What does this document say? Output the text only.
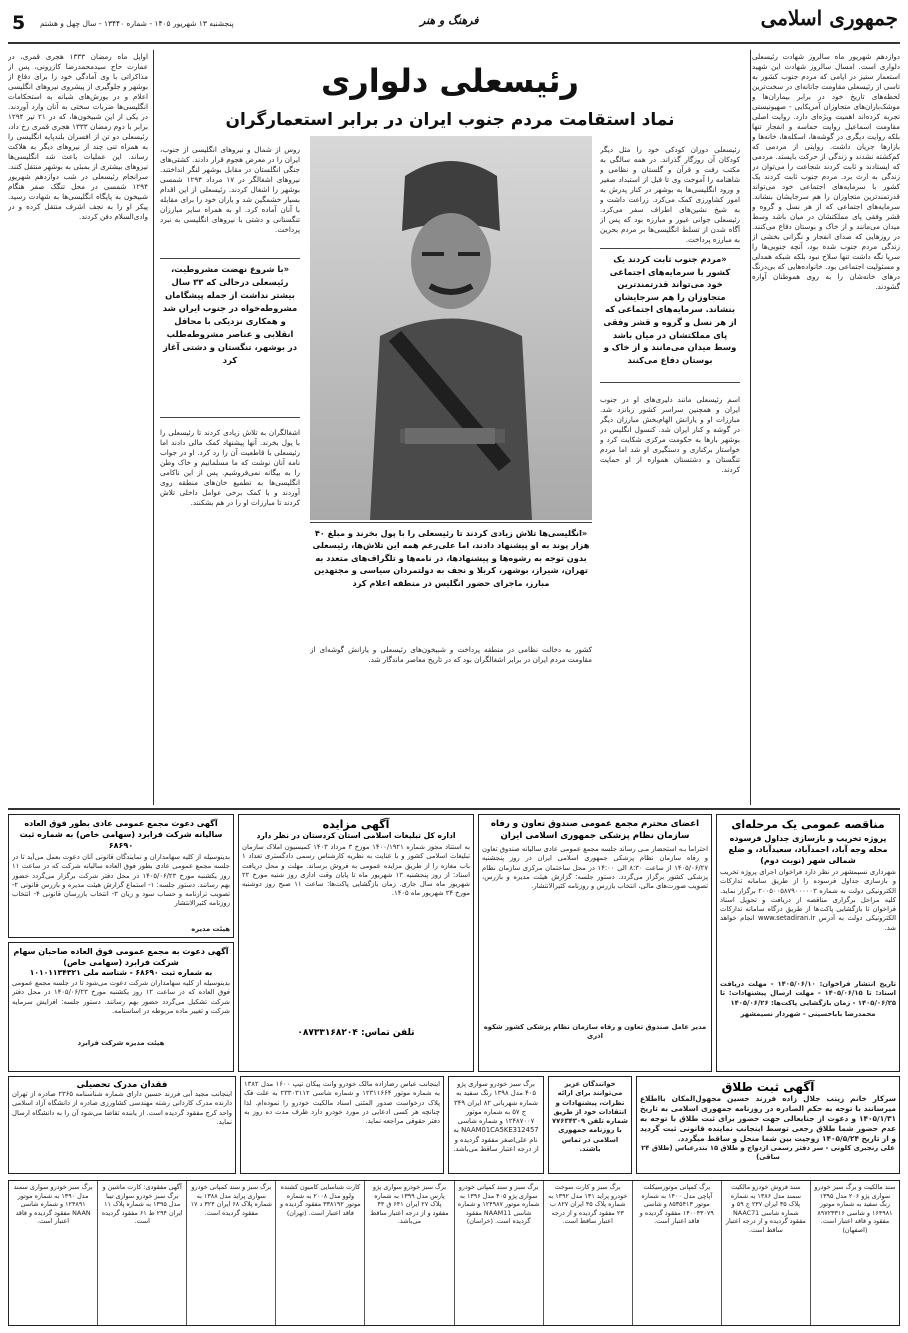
5 پنجشنبه ۱۳ شهریور ۱۴۰۵ - شماره ۱۳۴۴۰ - سال چهل و هشتم	فرهنگ و هنر	جمهوری اسلامی
دوازدهم شهریور ماه سالروز شهادت رئیسعلی دلواری است. امسال سالروز شهادت این شهید استعمار ستیز در ایامی که مردم جنوب کشور به تاسی از رئیسعلی مقاومت جانانه‌ای در سخت‌ترین لحظه‌های تاریخ خود در برابر بیماران‌ها و موشک‌باران‌های متجاوزان آمریکایی - صهیونیستی تجربه کرده‌اند اهمیت ویژه‌ای دارد. روایت اصلی مقاومت اسماعیل روایت حماسه و انفجار تنها بلکه روایت دیگری در گوشه‌ها، اسکله‌ها، خانه‌ها و بازارها جریان داشت. روایتی از مردمی که کم‌کشته نشدند و زندگی از حرکت بایستد. مردمی که ایستادند و ثابت کردند شجاعت را می‌توان در زندگی به ارث برد. مردم جنوب ثابت کردند یک کشور با سرمایه‌های اجتماعی خود می‌تواند قدرتمندترین متجاوزان را هم سرجایشان بنشاند. سرمایه‌های اجتماعی که از هر نسل و گروه و قشر وفقی پای مملکتشان در میان باشد وسط میدان می‌مانند و از خاک و بوستان دفاع می‌کنند. در روزهایی که صدای انفجار و نگرانی بخشی از زندگی مردم جنوب شده بود، آنچه جنوبی‌ها را سرپا نگه داشت تنها سلاح نبود بلکه شبکه همدلی و مسئولیت اجتماعی بود. خانواده‌هایی که بی‌درنگ درهای خانه‌شان را به روی هموطنان آواره گشودند.
رئیسعلی دلواری
نماد استقامت مردم جنوب ایران در برابر استعمارگران
رئیسعلی دوران کودکی خود را مثل دیگر کودکان آن روزگار گذراند. در همه سالگی به مکتب رفت و قرآن و گلستان و نظامی و شاهنامه را آموخت وی تا قبل از استبداد صغیر و ورود انگلیسی‌ها به بوشهر در کنار پدرش به امور کشاورزی کمک می‌کرد. زراعت داشت و به شیخ نشین‌های اطراف سفر می‌کرد. رئیسعلی جوانی غیور و مبارزه بود که پس از آگاه شدن از تسلط انگلیسی‌ها بر مردم بحرین به مبارزه پرداخت.
«مردم جنوب ثابت کردند یک کشور با سرمایه‌های اجتماعی خود می‌تواند قدرتمندترین متجاوزان را هم سرجایشان بنشاند. سرمایه‌های اجتماعی که از هر نسل و گروه و قشر وفقی پای مملکتشان در میان باشد وسط میدان می‌مانند و از خاک و بوستان دفاع می‌کنند
اسم رئیسعلی مانند دلیری‌های او در جنوب ایران و همچنین سراسر کشور زبانزد شد. مبارزات او و یارانش الهام‌بخش مبارزان دیگر در گوشه و کنار ایران شد. کنسول انگلیس در بوشهر بارها به حکومت مرکزی شکایت کرد و خواستار برکناری و دستگیری او شد اما مردم تنگستان و دشتستان همواره از او حمایت کردند.
«انگلیسی‌ها تلاش زیادی کردند تا رئیسعلی را با پول بخرند و مبلغ ۴۰ هزار پوند به او پیشنهاد دادند، اما علی‌رغم همه این تلاش‌ها، رئیسعلی بدون توجه به رشوه‌ها و پیشنهادها، در نامه‌ها و تلگراف‌های متعدد به تهران، شیراز، بوشهر، کربلا و نجف به دولتمردان سیاسی و مجتهدین مبارز، ماجرای حضور انگلیس در منطقه اعلام کرد
روس از شمال و نیروهای انگلیسی از جنوب، ایران را در معرض هجوم قرار دادند. کشتی‌های جنگی انگلستان در مقابل بوشهر لنگر انداختند. نیروهای اشغالگر در ۱۷ مرداد ۱۲۹۴ شمسی بوشهر را اشغال کردند. رئیسعلی از این اقدام بسیار خشمگین شد و یاران خود را برای مقابله با آنان آماده کرد. او به همراه سایر مبارزان تنگستانی و دشتی با نیروهای انگلیسی به نبرد پرداخت.
«با شروع نهضت مشروطیت، رئیسعلی درحالی که ۳۳ سال بیشتر نداشت از جمله پیشگامان مشروطه‌خواه در جنوب ایران شد و همکاری نزدیکی با محافل انقلابی و عناصر مشروطه‌طلب در بوشهر، تنگستان و دشتی آغاز کرد
اشغالگران به تلاش زیادی کردند تا رئیسعلی را با پول بخرند. آنها پیشنهاد کمک مالی دادند اما رئیسعلی با قاطعیت آن را رد کرد. او در جواب نامه آنان نوشت که ما مسلمانیم و خاک وطن را به بیگانه نمی‌فروشیم. پس از این ناکامی انگلیسی‌ها به تطمیع خان‌های منطقه روی آوردند و با کمک برخی عوامل داخلی تلاش کردند تا مبارزات او را در هم بشکنند.
اوایل ماه رمضان ۱۳۳۳ هجری قمری، در عمارت حاج سیدمحمدرضا کازرونی، پس از مذاکراتی با وی آمادگی خود را برای دفاع از بوشهر و جلوگیری از پیشروی نیروهای انگلیسی اعلام و در یورش‌های شبانه به استحکامات انگلیسی‌ها ضربات سختی به آنان وارد آوردند. در یکی از این شبیخون‌ها، که در ۲۱ تیر ۱۲۹۴ برابر با دوم رمضان ۱۳۳۳ هجری قمری رخ داد، رئیسعلی دو تن از افسران بلندپایه انگلیسی را به همراه تنی چند از نیروهای دیگر به هلاکت رساند. این عملیات باعث شد انگلیسی‌ها نیروهای بیشتری از بمبئی به بوشهر منتقل کنند. سرانجام رئیسعلی در شب دوازدهم شهریور ۱۲۹۴ شمسی در محل تنگک صفر هنگام شبیخون به پایگاه انگلیسی‌ها به شهادت رسید. پیکر او را به نجف اشرف منتقل کرده و در وادی‌السلام دفن کردند.
کشور به دخالت نظامی در منطقه پرداخت و شبیخون‌های رئیسعلی و یارانش گوشه‌ای از مقاومت مردم ایران در برابر اشغالگران بود که در تاریخ معاصر ماندگار شد.
مناقصه عمومی یک مرحله‌ای
پروژه تخریب و بازسازی جداول فرسوده محله وجه آباد، احمدآباد، سعیدآباد، و ضلع شمالی شهر (نوبت دوم)
شهرداری نسیمشهر در نظر دارد فراخوان اجرای پروژه تخریب و بازسازی جداول فرسوده را از طریق سامانه تدارکات الکترونیکی دولت به شماره ۲۰۰۵۰۰۵۸۷۹۰۰۰۰۰۳ برگزار نماید. کلیه مراحل برگزاری مناقصه از دریافت و تحویل اسناد فراخوان تا بازگشایی پاکت‌ها از طریق درگاه سامانه تدارکات الکترونیکی دولت به آدرس www.setadiran.ir انجام خواهد شد.
تاریخ انتشار فراخوان: ۱۴۰۵/۰۶/۱۰ - مهلت دریافت اسناد: تا ۱۴۰۵/۰۶/۱۵ - مهلت ارسال پیشنهادات: تا ۱۴۰۵/۰۶/۲۵ - زمان بازگشایی پاکت‌ها: ۱۴۰۵/۰۶/۲۶
محمدرضا باباحسینی - شهردار نسیمشهر
اعضای محترم مجمع عمومی صندوق تعاون و رفاه سازمان نظام پزشکی جمهوری اسلامی ایران
احتراماً بـه استحضار مـی رساند جلسه مجمع عمومی عادی سالیانه صندوق تعاون و رفاه سازمان نظام پزشکی جمهوری اسلامی ایران در روز پنجشنبه ۱۴۰۵/۰۶/۲۷ از ساعت ۸:۳۰ الی ۱۴:۰۰ در محل ساختمان مرکزی سازمان نظام پزشکی کشور برگزار می‌گردد. دستور جلسه: گزارش هیئت مدیره و بازرس، تصویب صورت‌های مالی، انتخاب بازرس و روزنامه کثیرالانتشار.
مدیر عامل صندوق تعاون و رفاه سازمان نظام پزشکی کشور شکوه اذری
آگهی مزایده
اداره کل تبلیغات اسلامی استان کردستان در نظر دارد
به استناد مجوز شماره ۱۴۰۰/۱۹۲۱ مورخ ۳ مرداد ۱۴۰۳ کمیسیون املاک سازمان تبلیغات اسلامی کشور و با عنایت به نظریه کارشناس رسمی دادگستری تعداد ۱ باب مغازه را از طریق مزایده عمومی به فروش برساند. مهلت و محل دریافت اسناد: از روز پنجشنبه ۱۳ شهریور ماه تا پایان وقت اداری روز شنبه مورخ ۲۲ شهریور ماه سال جاری. زمان بازگشایی پاکت‌ها: ساعت ۱۱ صبح روز دوشنبه مورخ ۲۴ شهریور ماه ۱۴۰۵.
تلفن تماس: ۰۸۷۳۳۱۶۸۲۰۴
آگهی دعوت مجمع عمومی عادی بطور فوق العاده سالیانه شرکت فرابرد (سهامی خاص) به شماره ثبت ۶۸۶۹۰
بدینوسیله از کلیه سهامداران و نمایندگان قانونی آنان دعوت بعمل می‌آید تا در جلسه مجمع عمومی عادی بطور فوق العاده سالیانه شرکت که در ساعت ۱۱ روز یکشنبه مورخ ۱۴۰۵/۰۶/۲۳ در محل دفتر شرکت برگزار می‌گردد حضور بهم رسانند. دستور جلسه: ۱- استماع گزارش هیئت مدیره و بازرس قانونی ۲- تصویب ترازنامه و حساب سود و زیان ۳- انتخاب بازرسان قانونی ۴- انتخاب روزنامه کثیرالانتشار
هیئت مدیره
آگهی دعوت به مجمع عمومی فوق العاده صاحبان سهام شرکت فرابرد (سهامی خاص)
به شماره ثبت ۶۸۶۹۰ - شناسه ملی ۱۰۱۰۱۱۳۴۳۲۱
بدینوسیله از کلیه سهامداران شرکت دعوت می‌شود تا در جلسه مجمع عمومی فوق العاده که در ساعت ۱۲ روز یکشنبه مورخ ۱۴۰۵/۰۶/۲۳ در محل دفتر شرکت تشکیل می‌گردد حضور بهم رسانند. دستور جلسه: افزایش سرمایه شرکت و تغییر ماده مربوطه در اساسنامه.
هیئت مدیره شرکت فرابرد
آگهی ثبت طلاق
سرکار خانم زینب جلال زاده فرزند حسین مجهول‌المکان بااطلاع میرسانند با توجه به حکم الصادره در روزنامه جمهوری اسلامی به تاریخ ۱۴۰۵/۱/۳۱ و دعوت از جنابعالی جهت حضور برای ثبت طلاق با توجه به عدم حضور شما طلاق رجعی توسط اینجانب نماینده قانونی ثبت گردید و از تاریخ ۱۴۰۵/۵/۲۴ زوجیت بین شما منحل و ساقط میگردد.
علی رنجبری کلونی - سر دفتر رسمی ازدواج و طلاق ۱۵ بندرعباس (طلاق ۲۴ ساقی)
خوانندگان عزیز می‌توانند برای ارائه نظرات، پیشنهادات و انتقادات خود از طریق شماره تلفن ۷۷۶۳۴۳۰۹ با روزنامه جمهوری اسلامی در تماس باشند.
برگ سبز خودرو سواری پژو ۴۰۵ مدل ۱۳۹۸ رنگ سفید به شماره شهربانی ۸۲ ایران ۳۴۹ ج ۵۷ به شماره موتور ۱۲۴۸۷۰۰۷ و شماره شاسی NAAM01CA5KE312457 به نام علی‌اصغر مفقود گردیده و از درجه اعتبار ساقط می‌باشد.
اینجانب عباس رضازاده مالک خودرو وانت پیکان تیپ ۱۶۰۰ مدل ۱۳۸۲ به شماره موتور ۱۲۳۱۱۶۶۴ و شماره شاسی ۲۳۳۰۳۱۱۲ به علت فک پلاک درخواست صدور المثنی اسناد مالکیت خودرو را نموده‌ام. لذا چنانچه هر کسی ادعایی در مورد خودرو دارد ظرف مدت ده روز به دفتر حقوقی مراجعه نماید.
فقدان مدرک تحصیلی
اینجانب مجید آبی فرزند حسین دارای شماره شناسنامه ۲۳۶۵ صادره از تهران دارنده مدرک کاردانی رشته مهندسی کشاورزی صادره از دانشگاه آزاد اسلامی واحد کرج مفقود گردیده است. از یابنده تقاضا می‌شود آن را به دانشگاه ارسال نماید.
سند مالکیت و برگ سبز خودرو سواری پژو ۲۰۶ مدل ۱۳۹۵ رنگ سفید به شماره موتور ۱۶۴۹۸۱ و شاسی ۸۹۷۲۳۳۱۶ مفقود و فاقد اعتبار است. (اصفهان)
سند فروش خودرو مالکیت سمند مدل ۱۳۸۶ به شماره پلاک ۳۵ ایران ۲۳۷ ج ۵۹ و شماره شاسی NAAC71 مفقود گردیده و از درجه اعتبار ساقط است.
برگ کمپانی موتورسیکلت آپاچی مدل ۱۴۰۰ به شماره موتور ۸۵۳۵۴۱۳ و شاسی ۱۴۰۰۴۳۰۷۹ مفقود گردیده و فاقد اعتبار است.
برگ سبز و کارت سوخت خودرو پراید ۱۳۱ مدل ۱۳۹۲ به شماره پلاک ۴۵ ایران ۸۲۷ ب ۲۳ مفقود گردیده و از درجه اعتبار ساقط است.
برگ سبز و سند کمپانی خودرو سواری پژو ۴۰۵ مدل ۱۳۹۶ به شماره موتور ۱۲۴۹۸۷ و شماره شاسی NAAM11 مفقود گردیده است. (خراسان)
برگ سبز خودرو سواری پژو پارس مدل ۱۳۹۹ به شماره پلاک ۲۷ ایران ۶۴۱ ق ۴۴ مفقود و از درجه اعتبار ساقط می‌باشد.
کارت شناسایی کامیون کشنده ولوو مدل ۲۰۰۸ به شماره موتور ۳۳۸۱۹۲ مفقود گردیده و فاقد اعتبار است. (تهران)
برگ سبز و سند کمپانی خودرو سواری پراید مدل ۱۳۸۸ به شماره پلاک ۶۸ ایران ۳۲۴ د ۱۷ مفقود گردیده است.
آگهی مفقودی: کارت ماشین و برگ سبز خودرو سواری تیبا مدل ۱۳۹۵ به شماره پلاک ۱۱ ایران ۲۹۴ ط ۶۱ مفقود گردیده است.
برگ سبز خودرو سواری سمند مدل ۱۳۹۰ به شماره موتور ۱۲۴۸۹۱ و شماره شاسی NAAN مفقود گردیده و فاقد اعتبار است.
